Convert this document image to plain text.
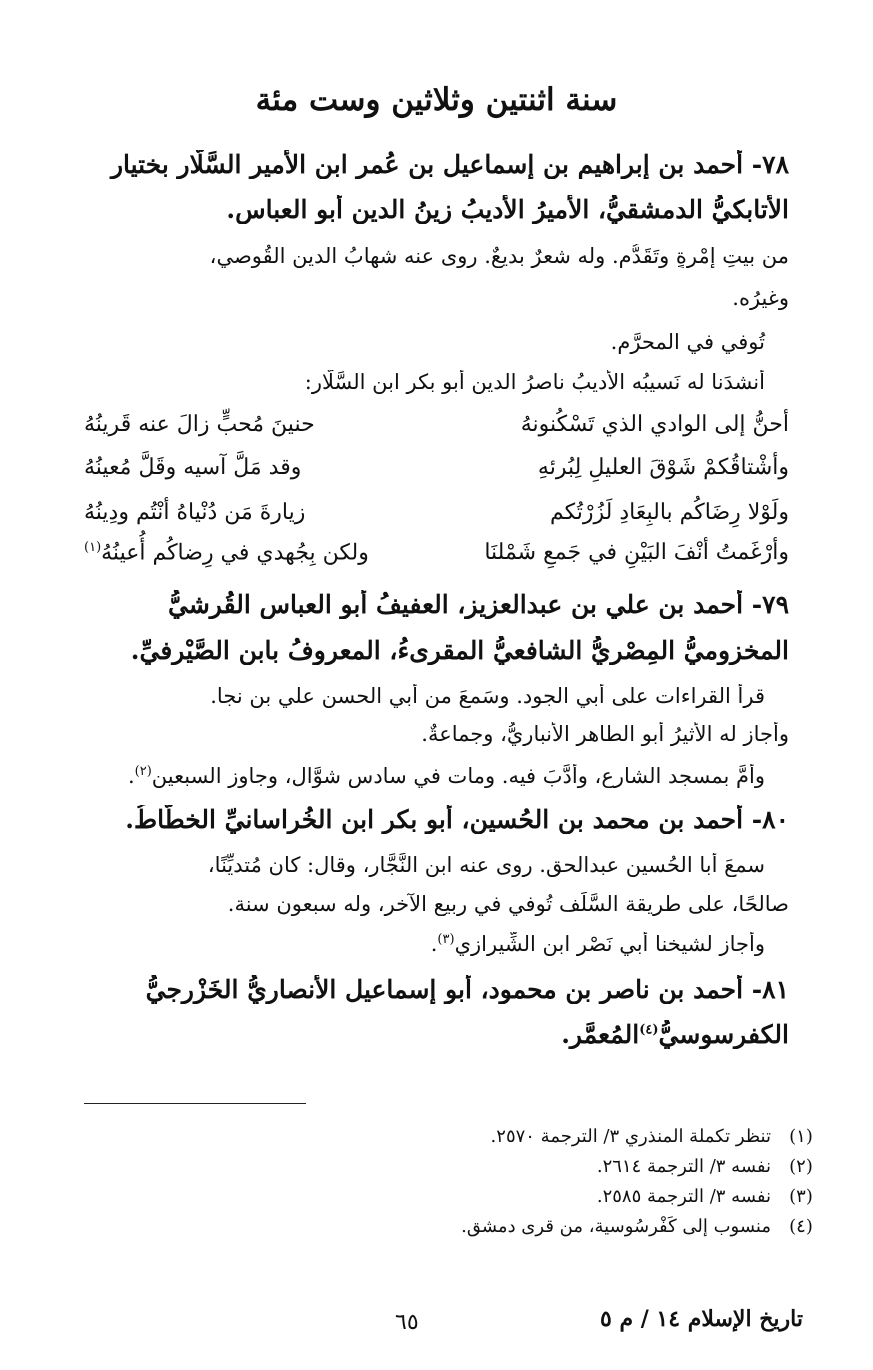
سنة اثنتين وثلاثين وست مئة
٧٨- أحمد بن إبراهيم بن إسماعيل بن عُمر ابن الأمير السَّلَّار بختيار
الأتابكيُّ الدمشقيُّ، الأميرُ الأديبُ زينُ الدين أبو العباس.
من بيتِ إمْرةٍ وتَقَدُّم. وله شعرٌ بديعٌ. روى عنه شهابُ الدين القُوصي،
وغيرُه.
تُوفي في المحرَّم.
أنشدَنا له نَسيبُه الأديبُ ناصرُ الدين أبو بكر ابن السَّلَّار:
أحنُّ إلى الوادي الذي تَسْكُنونهُ
حنينَ مُحبٍّ زالَ عنه قَرينُهُ
وأشْتاقُكمْ شَوْقَ العليلِ لِبُرئهِ
وقد مَلَّ آسيه وقَلَّ مُعينُهُ
ولَوْلا رِضَاكُم بالبِعَادِ لَزُرْتُكم
زيارةَ مَن دُنْياهُ أنْتُم ودِينُهُ
وأرْغَمتُ أنْفَ البَيْنِ في جَمعِ شَمْلنَا
ولكن بِجُهدي في رِضاكُم أُعينُهُ$^{(١)}$
٧٩- أحمد بن علي بن عبدالعزيز، العفيفُ أبو العباس القُرشيُّ
المخزوميُّ المِصْريُّ الشافعيُّ المقرىءُ، المعروفُ بابن الصَّيْرفيِّ.
قرأ القراءات على أبي الجود. وسَمعَ من أبي الحسن علي بن نجا.
وأجاز له الأثيرُ أبو الطاهر الأنباريُّ، وجماعةٌ.
وأمَّ بمسجد الشارع، وأدَّبَ فيه. ومات في سادس شوَّال، وجاوز السبعين$^{(٢)}$.
٨٠- أحمد بن محمد بن الحُسين، أبو بكر ابن الخُراسانيِّ الخطَّاطُ.
سمعَ أبا الحُسين عبدالحق. روى عنه ابن النَّجَّار، وقال: كان مُتديِّنًا،
صالحًا، على طريقة السَّلَف تُوفي في ربيع الآخر، وله سبعون سنة.
وأجاز لشيخنا أبي نَصْر ابن الشِّيرازي$^{(٣)}$.
٨١- أحمد بن ناصر بن محمود، أبو إسماعيل الأنصاريُّ الخَزْرجيُّ
الكفرسوسيُّ$^{(٤)}$المُعمَّر.
(١)تنظر تكملة المنذري ٣/ الترجمة ٢٥٧٠.
(٢)نفسه ٣/ الترجمة ٢٦١٤.
(٣)نفسه ٣/ الترجمة ٢٥٨٥.
(٤)منسوب إلى كَفْرسُوسية، من قرى دمشق.
تاريخ الإسلام ١٤ / م ٥
٦٥
